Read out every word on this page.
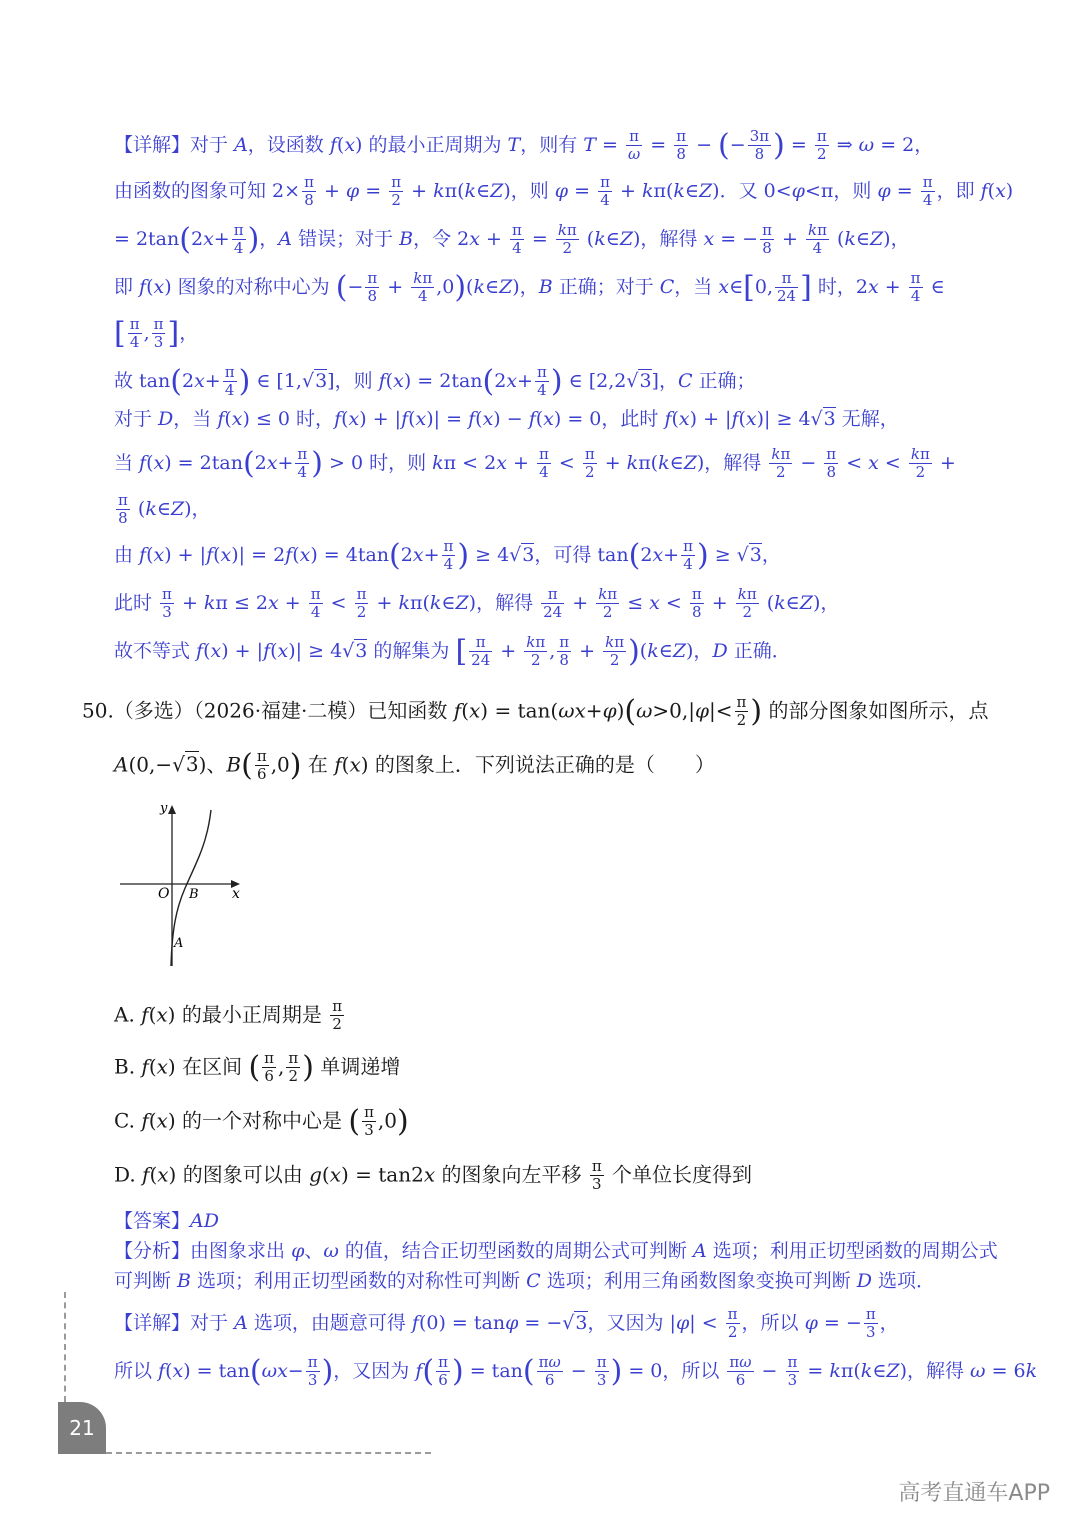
【详解】对于 A，设函数 f(x) 的最小正周期为 T，则有 $T = \frac{\pi}{\omega} = \frac{\pi}{8}$ − (− $\frac{3\pi}{8}$ ) = $\frac{\pi}{2}$ ⇒ ω = 2，
由函数的图象可知 $2\times \frac{\pi}{8} + \varphi = \frac{\pi}{2}$ + kπ(k∈Z)，则 $\varphi = \frac{\pi}{4}$ + kπ(k∈Z)．又 0<φ<π，则 $\varphi = \frac{\pi}{4}$ ，即 f(x)
= $2\tan(2x+ \frac{\pi}{4}$ )，A 错误；对于 B，令 $2x + \frac{\pi}{4} = \frac{k\pi}{2}$ (k∈Z)，解得 x = − $\frac{\pi}{8} + \frac{k\pi}{4}$ (k∈Z)，
即 f(x) 图象的对称中心为 (− $\frac{\pi}{8} + \frac{k\pi}{4}$ ,0)(k∈Z)，B 正确；对于 C，当 x∈[0, $\frac{\pi}{24}$ ] 时，$2x + \frac{\pi}{4}$ ∈
[ $\frac{\pi}{4}$ , $\frac{\pi}{3}$ ]，
故 $\tan(2x+ \frac{\pi}{4}$ ) ∈ [1,√3]，则 $f(x) = 2\tan(2x+ \frac{\pi}{4}$ ) ∈ [2,2√3]，C 正确；
对于 D，当 f(x) ≤ 0 时，f(x) + |f(x)| = f(x) − f(x) = 0，此时 f(x) + |f(x)| ≥ 4√3 无解，
当 $f(x) = 2\tan(2x+ \frac{\pi}{4}$ ) > 0 时，则 $k\pi < 2x + \frac{\pi}{4} < \frac{\pi}{2}$ + kπ(k∈Z)，解得 $\frac{k\pi}{2} - \frac{\pi}{8} < x < \frac{k\pi}{2}$ +
$\frac{\pi}{8}$ (k∈Z)，
由 $f(x) + |f(x)| = 2f(x) = 4\tan(2x+ \frac{\pi}{4}$ ) ≥ 4√3，可得 $\tan(2x+ \frac{\pi}{4}$ ) ≥ √3，
此时 $\frac{\pi}{3} + k\pi \le 2x + \frac{\pi}{4} < \frac{\pi}{2}$ + kπ(k∈Z)，解得 $\frac{\pi}{24} + \frac{k\pi}{2} \le x < \frac{\pi}{8} + \frac{k\pi}{2}$ (k∈Z)，
故不等式 f(x) + |f(x)| ≥ 4√3 的解集为 [ $\frac{\pi}{24} + \frac{k\pi}{2}$ , $\frac{\pi}{8} + \frac{k\pi}{2}$ )(k∈Z)，D 正确．
50.（多选）（2026·福建·二模）已知函数 $f(x) = \tan(\omega x+\varphi)(\omega>0,|\varphi|< \frac{\pi}{2}$ ) 的部分图象如图所示，点
A(0,−√3)、$B( \frac{\pi}{6} ,0)$ 在 f(x) 的图象上．下列说法正确的是（　　）
y
x
O B
A
A. f(x) 的最小正周期是 $\frac{\pi}{2}$
B. f(x) 在区间 ( $\frac{\pi}{6}$ , $\frac{\pi}{2}$ ) 单调递增
C. f(x) 的一个对称中心是 ( $\frac{\pi}{3} ,0$)
D. f(x) 的图象可以由 g(x) = tan2x 的图象向左平移 $\frac{\pi}{3}$ 个单位长度得到
【答案】AD
【分析】由图象求出 φ、ω 的值，结合正切型函数的周期公式可判断 A 选项；利用正切型函数的周期公式
可判断 B 选项；利用正切型函数的对称性可判断 C 选项；利用三角函数图象变换可判断 D 选项．
【详解】对于 A 选项，由题意可得 f(0) = tanφ = −√3，又因为 $|\varphi| < \frac{\pi}{2}$ ，所以 φ = − $\frac{\pi}{3}$ ，
所以 $f(x) = \tan(\omega x- \frac{\pi}{3}$ )，又因为 $f( \frac{\pi}{6}$ ) = $\tan( \frac{\pi\omega}{6} - \frac{\pi}{3}$ ) = 0，所以 $\frac{\pi\omega}{6} - \frac{\pi}{3}$ = kπ(k∈Z)，解得 ω = 6k
21
高考直通车APP
